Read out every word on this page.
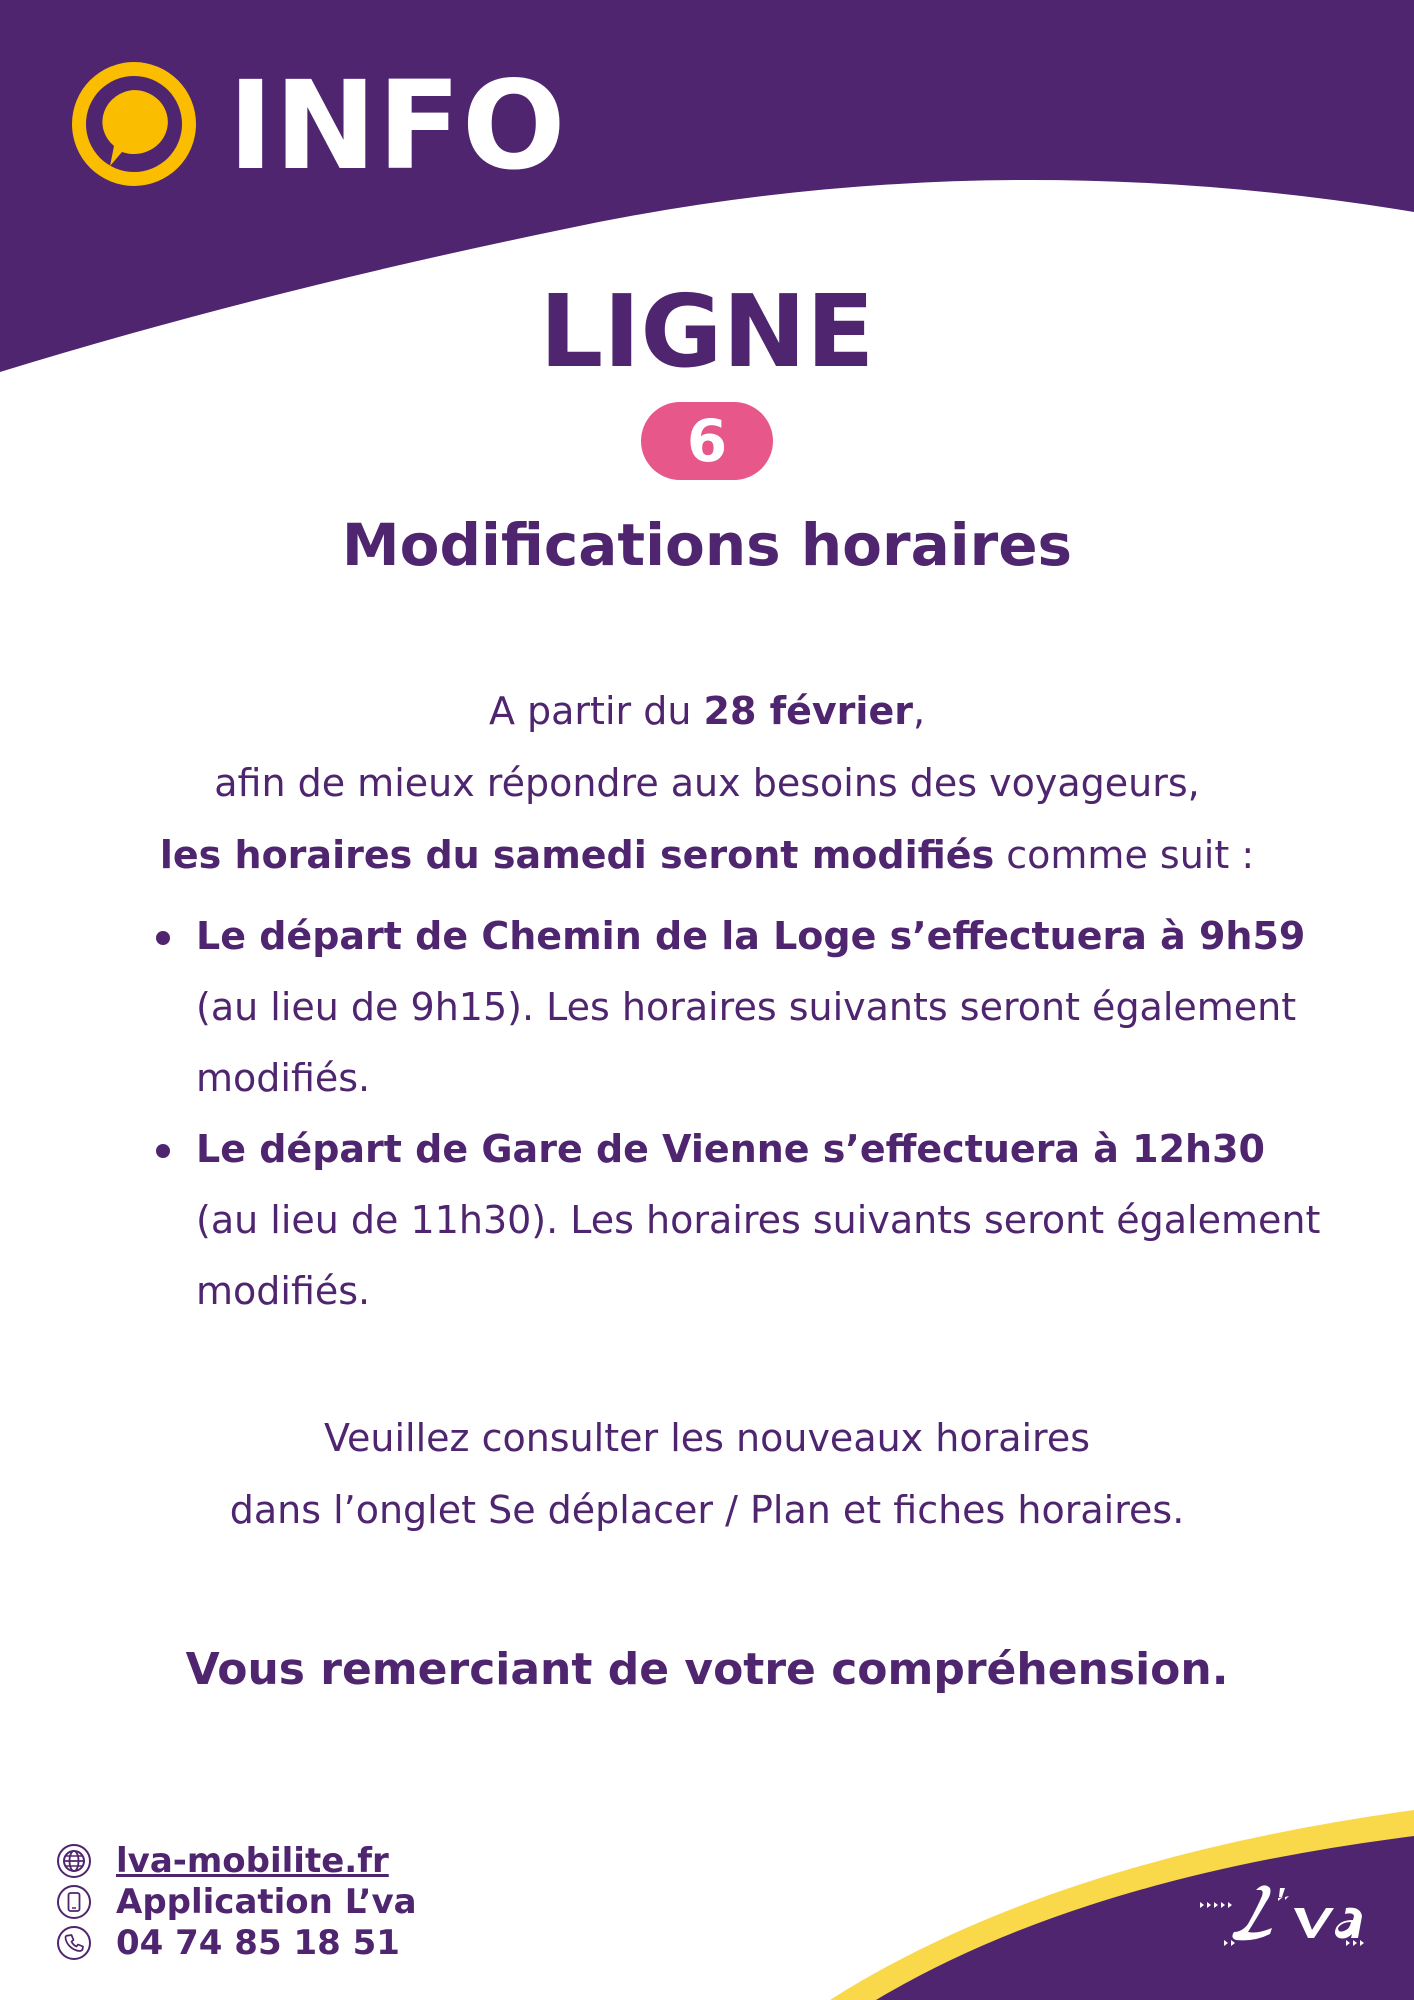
INFO
LIGNE
6
Modifications horaires

A partir du 28 février,

afin de mieux répondre aux besoins des voyageurs,

les horaires du samedi seront modifiés comme suit :

Le départ de Chemin de la Loge s’effectuera à 9h59
(au lieu de 9h15). Les horaires suivants seront également modifiés.
Le départ de Gare de Vienne s’effectuera à 12h30
(au lieu de 11h30). Les horaires suivants seront également modifiés.

Veuillez consulter les nouveaux horaires

dans l’onglet Se déplacer / Plan et fiches horaires.

Vous remerciant de votre compréhension.
lva-mobilite.fr
Application L’va
04 74 85 18 51
